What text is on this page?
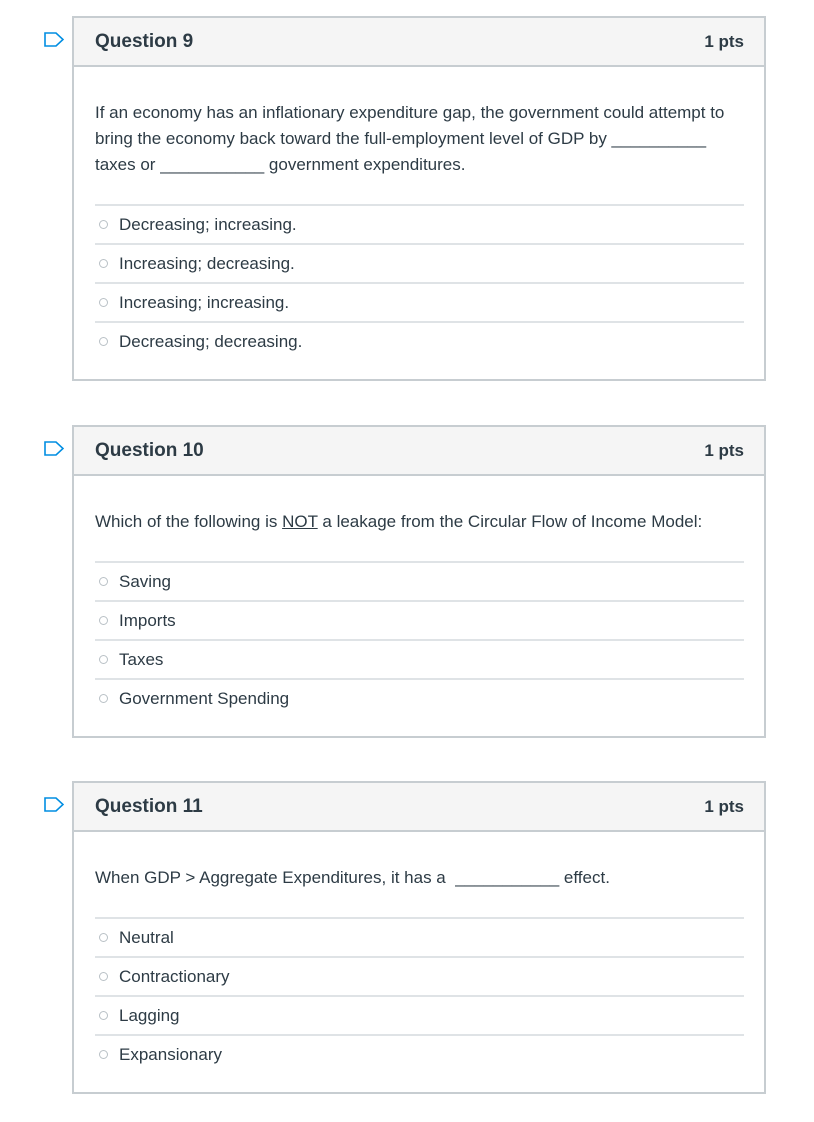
Question 9	1 pts
If an economy has an inflationary expenditure gap, the government could attempt to bring the economy back toward the full-employment level of GDP by __________ taxes or ___________ government expenditures.
Decreasing; increasing.
Increasing; decreasing.
Increasing; increasing.
Decreasing; decreasing.
Question 10	1 pts
Which of the following is NOT a leakage from the Circular Flow of Income Model:
Saving
Imports
Taxes
Government Spending
Question 11	1 pts
When GDP > Aggregate Expenditures, it has a  ___________ effect.
Neutral
Contractionary
Lagging
Expansionary
